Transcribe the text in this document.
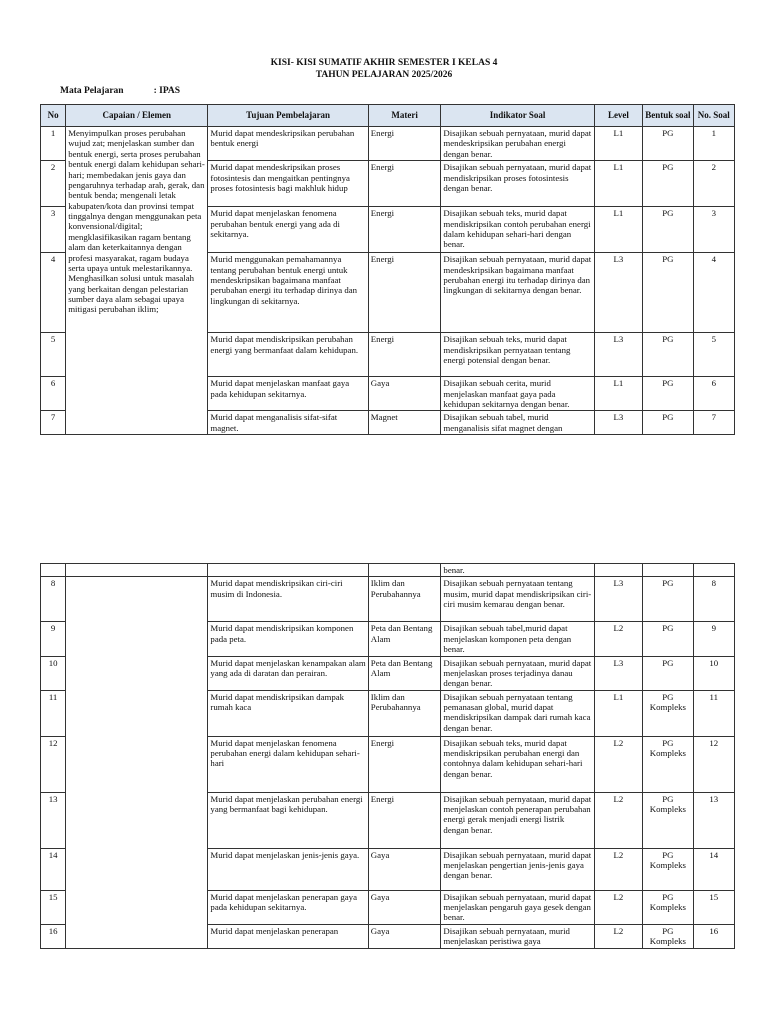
KISI- KISI SUMATIF AKHIR SEMESTER I KELAS 4
TAHUN PELAJARAN 2025/2026
Mata Pelajaran	: IPAS
No	Capaian / Elemen	Tujuan Pembelajaran	Materi	Indikator Soal	Level	Bentuk soal	No. Soal
1	Menyimpulkan proses perubahan wujud zat; menjelaskan sumber dan bentuk energi, serta proses perubahan bentuk energi dalam kehidupan sehari-hari; membedakan jenis gaya dan pengaruhnya terhadap arah, gerak, dan bentuk benda; mengenali letak kabupaten/kota dan provinsi tempat tinggalnya dengan menggunakan peta konvensional/digital; mengklasifikasikan ragam bentang alam dan keterkaitannya dengan profesi masyarakat, ragam budaya serta upaya untuk melestarikannya. Menghasilkan solusi untuk masalah yang berkaitan dengan pelestarian sumber daya alam sebagai upaya mitigasi perubahan iklim;	Murid dapat mendeskripsikan perubahan bentuk energi	Energi	Disajikan sebuah pernyataan, murid dapat mendeskripsikan perubahan energi dengan benar.	L1	PG	1
2		Murid dapat mendeskripsikan proses fotosintesis dan mengaitkan pentingnya proses fotosintesis bagi makhluk hidup	Energi	Disajikan sebuah pernyataan, murid dapat mendiskripsikan proses fotosintesis dengan benar.	L1	PG	2
3		Murid dapat menjelaskan fenomena perubahan bentuk energi yang ada di sekitarnya.	Energi	Disajikan sebuah teks, murid dapat mendiskripsikan contoh perubahan energi dalam kehidupan sehari-hari dengan benar.	L1	PG	3
4		Murid menggunakan pemahamannya tentang perubahan bentuk energi untuk mendeskripsikan bagaimana manfaat perubahan energi itu terhadap dirinya dan lingkungan di sekitarnya.	Energi	Disajikan sebuah pernyataan, murid dapat mendeskripsikan bagaimana manfaat perubahan energi itu terhadap dirinya dan lingkungan di sekitarnya dengan benar.	L3	PG	4
5		Murid dapat mendiskripsikan perubahan energi yang bermanfaat dalam kehidupan.	Energi	Disajikan sebuah teks, murid dapat mendiskripsikan pernyataan tentang energi potensial dengan benar.	L3	PG	5
6		Murid dapat menjelaskan manfaat gaya pada kehidupan sekitarnya.	Gaya	Disajikan sebuah cerita, murid menjelaskan manfaat gaya pada kehidupan sekitarnya dengan benar.	L1	PG	6
7		Murid dapat menganalisis sifat-sifat magnet.	Magnet	Disajikan sebuah tabel, murid menganalisis sifat magnet dengan	L3	PG	7
				benar.			
8		Murid dapat mendiskripsikan ciri-ciri musim di Indonesia.	Iklim dan Perubahannya	Disajikan sebuah pernyataan tentang musim, murid dapat mendiskripsikan ciri-ciri musim kemarau dengan benar.	L3	PG	8
9		Murid dapat mendiskripsikan komponen pada peta.	Peta dan Bentang Alam	Disajikan sebuah tabel,murid dapat menjelaskan komponen peta dengan benar.	L2	PG	9
10		Murid dapat menjelaskan kenampakan alam yang ada di daratan dan perairan.	Peta dan Bentang Alam	Disajikan sebuah pernyataan, murid dapat menjelaskan proses terjadinya danau dengan benar.	L3	PG	10
11		Murid dapat mendiskripsikan dampak rumah kaca	Iklim dan Perubahannya	Disajikan sebuah pernyataan tentang pemanasan global, murid dapat mendiskripsikan dampak dari rumah kaca dengan benar.	L1	PG Kompleks	11
12		Murid dapat menjelaskan fenomena perubahan energi dalam kehidupan sehari-hari	Energi	Disajikan sebuah teks, murid dapat mendiskripsikan perubahan energi dan contohnya dalam kehidupan sehari-hari dengan benar.	L2	PG Kompleks	12
13		Murid dapat menjelaskan perubahan energi yang bermanfaat bagi kehidupan.	Energi	Disajikan sebuah pernyataan, murid dapat menjelaskan contoh penerapan perubahan energi gerak menjadi energi listrik dengan benar.	L2	PG Kompleks	13
14		Murid dapat menjelaskan jenis-jenis gaya.	Gaya	Disajikan sebuah pernyataan, murid dapat menjelaskan pengertian jenis-jenis gaya dengan benar.	L2	PG Kompleks	14
15		Murid dapat menjelaskan penerapan gaya pada kehidupan sekitarnya.	Gaya	Disajikan sebuah pernyataan, murid dapat menjelaskan pengaruh gaya gesek dengan benar.	L2	PG Kompleks	15
16		Murid dapat menjelaskan penerapan	Gaya	Disajikan sebuah pernyataan, murid menjelaskan peristiwa gaya	L2	PG Kompleks	16
